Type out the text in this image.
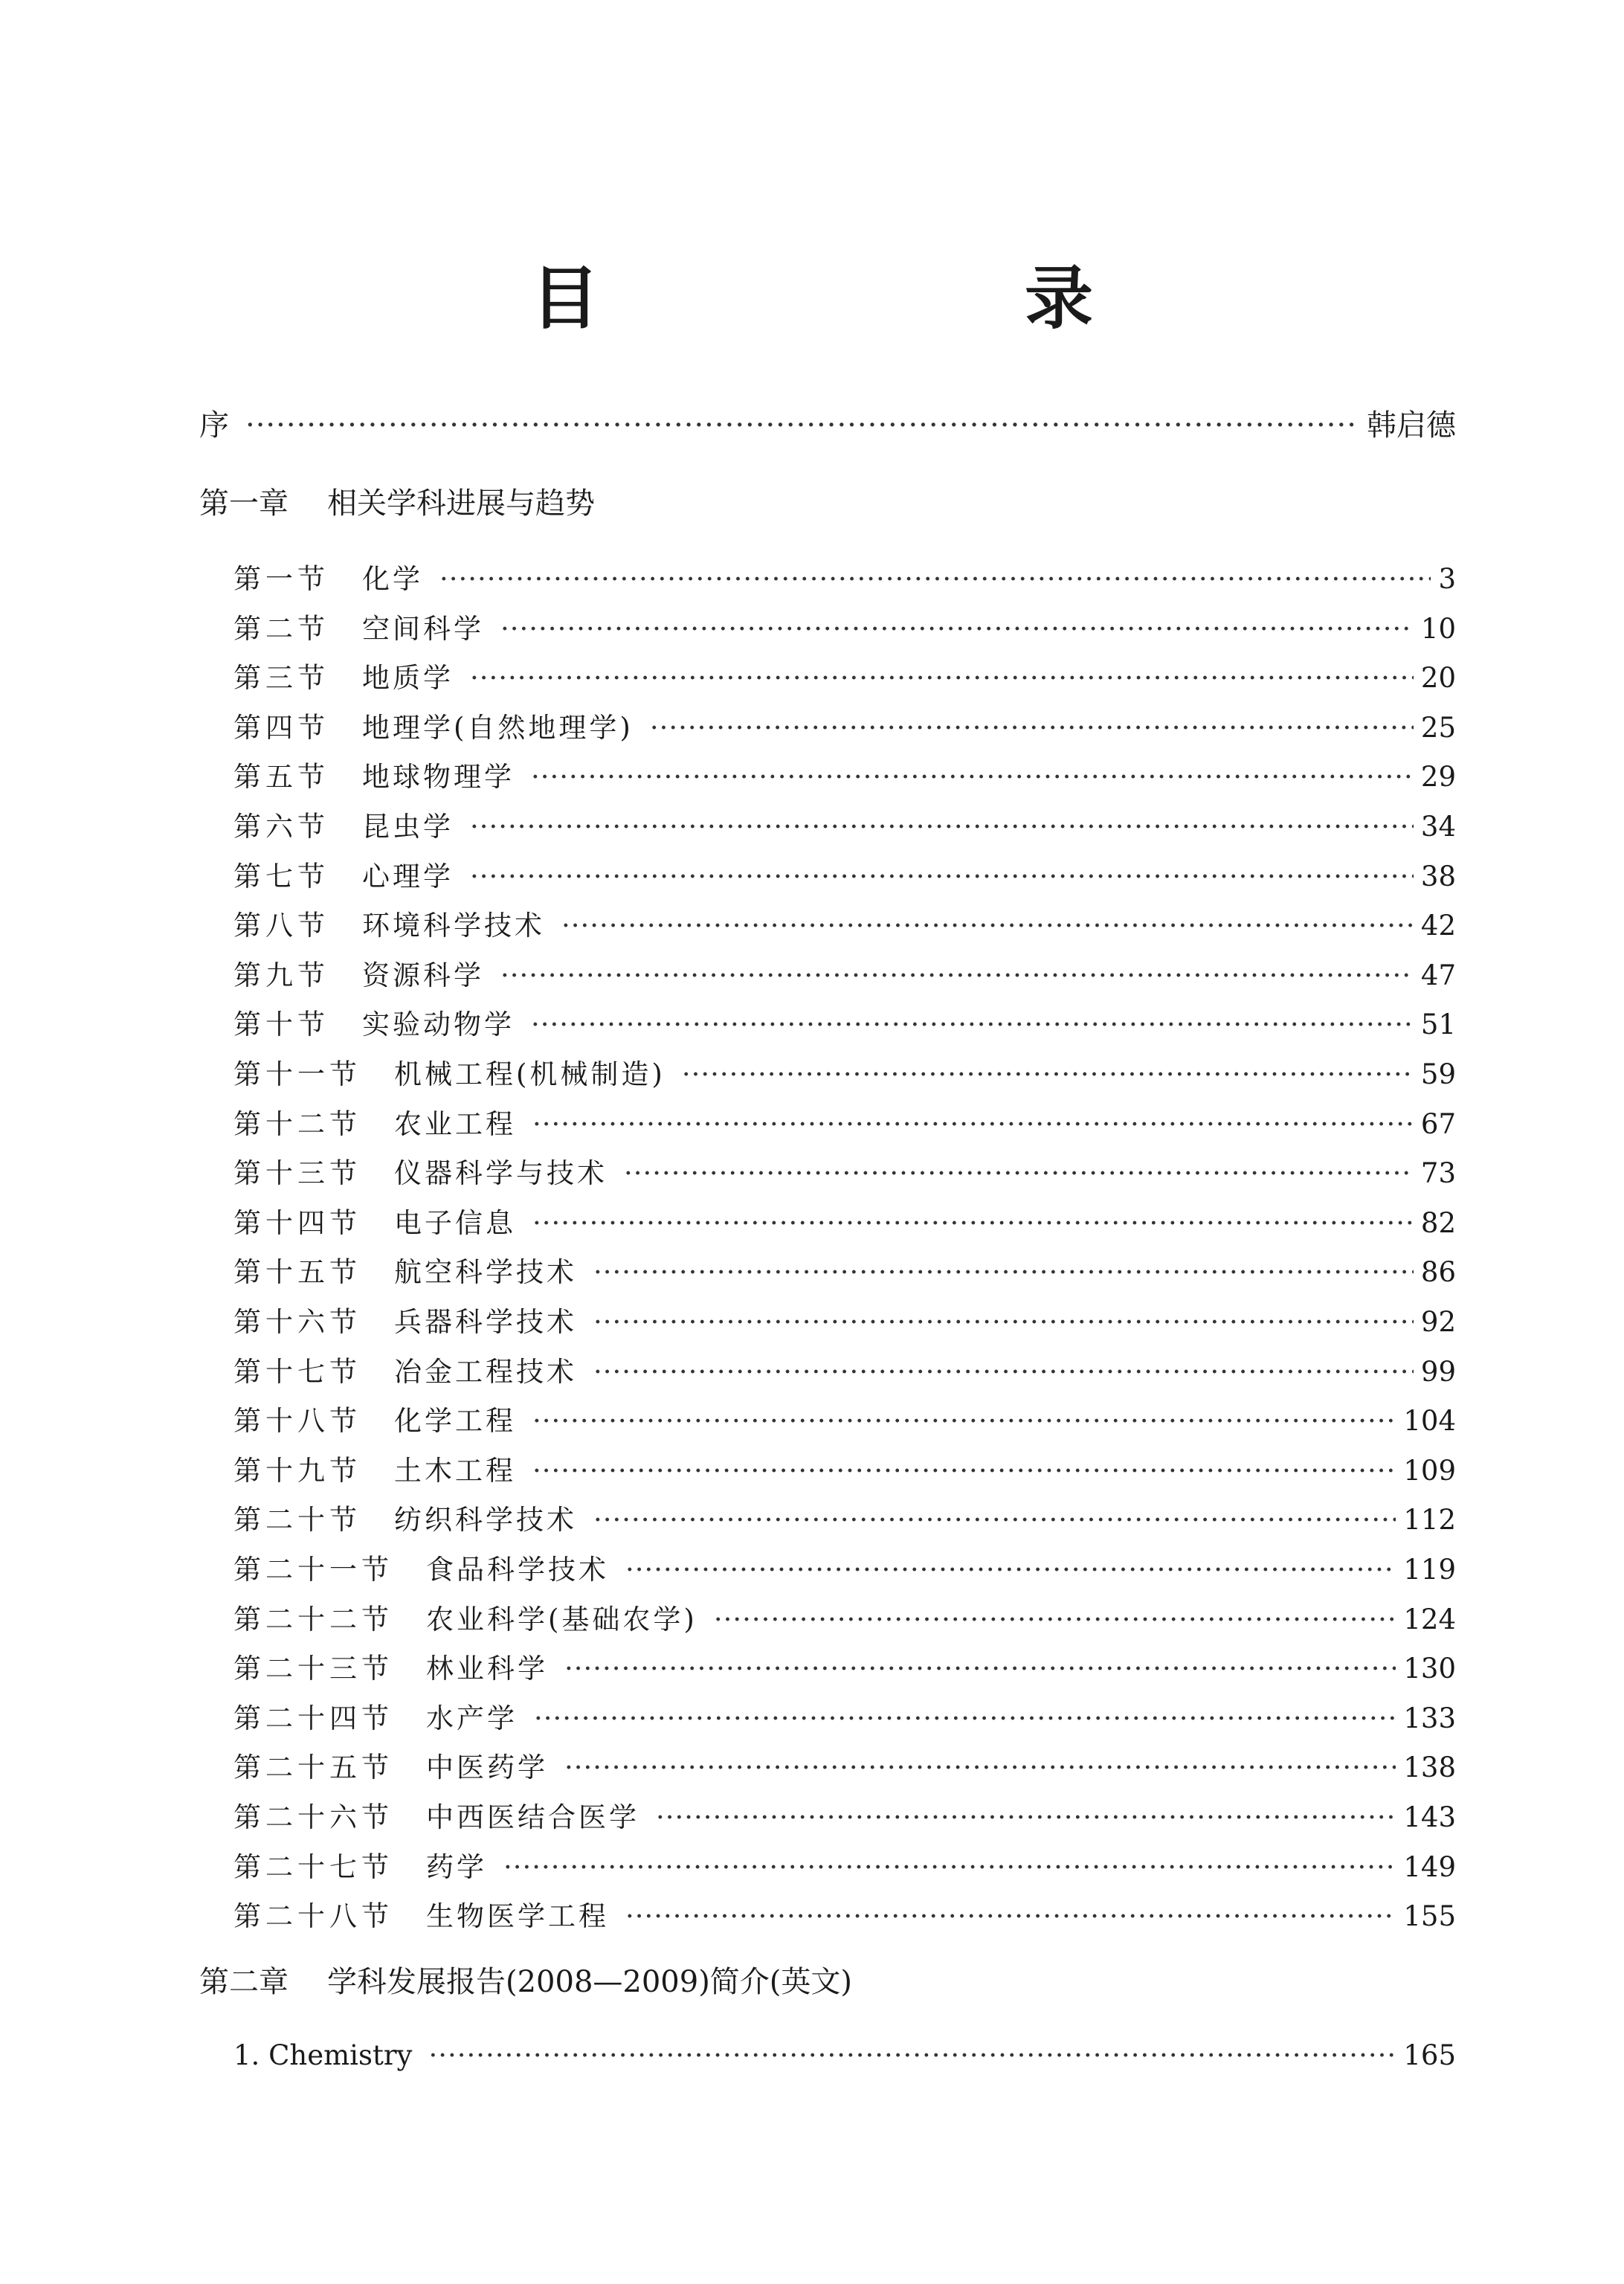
目　录
序 ·····	韩启德
第一章 相关学科进展与趋势
第一节 化学 ·····	3
第二节 空间科学 ·····	10
第三节 地质学 ·····	20
第四节 地理学(自然地理学) ·····	25
第五节 地球物理学 ·····	29
第六节 昆虫学 ·····	34
第七节 心理学 ·····	38
第八节 环境科学技术 ·····	42
第九节 资源科学 ·····	47
第十节 实验动物学 ·····	51
第十一节 机械工程(机械制造) ·····	59
第十二节 农业工程 ·····	67
第十三节 仪器科学与技术 ·····	73
第十四节 电子信息 ·····	82
第十五节 航空科学技术 ·····	86
第十六节 兵器科学技术 ·····	92
第十七节 冶金工程技术 ·····	99
第十八节 化学工程 ·····	104
第十九节 土木工程 ·····	109
第二十节 纺织科学技术 ·····	112
第二十一节 食品科学技术 ·····	119
第二十二节 农业科学(基础农学) ·····	124
第二十三节 林业科学 ·····	130
第二十四节 水产学 ·····	133
第二十五节 中医药学 ·····	138
第二十六节 中西医结合医学 ·····	143
第二十七节 药学 ·····	149
第二十八节 生物医学工程 ·····	155
第二章 学科发展报告(2008—2009)简介(英文)
1. Chemistry ·····	165
